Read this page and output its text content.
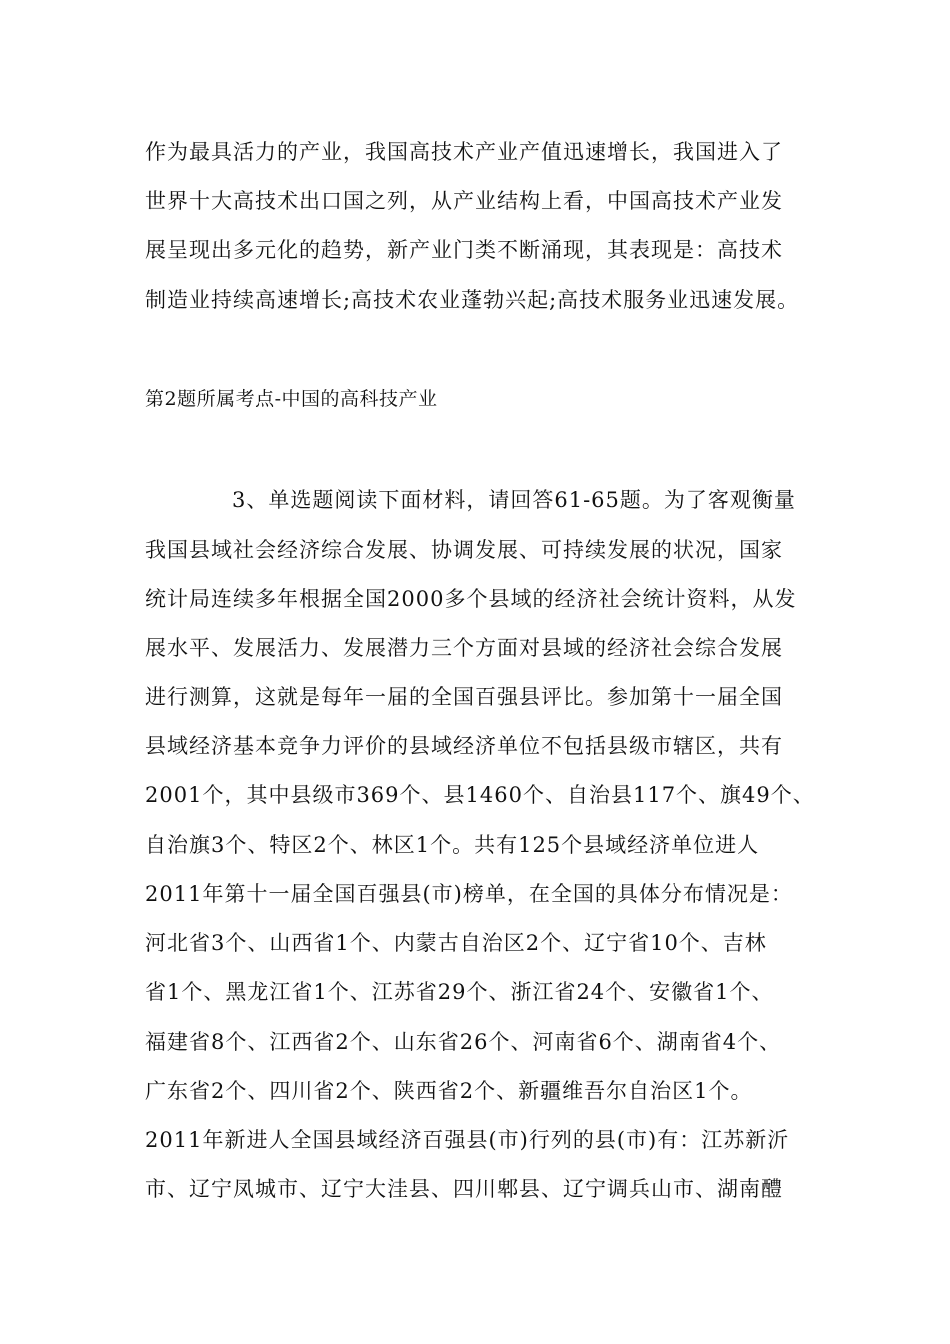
作为最具活力的产业，我国高技术产业产值迅速增长，我国进入了
世界十大高技术出口国之列，从产业结构上看，中国高技术产业发
展呈现出多元化的趋势，新产业门类不断涌现，其表现是：高技术
制造业持续高速增长;高技术农业蓬勃兴起;高技术服务业迅速发展。
第2题所属考点-中国的高科技产业
3、单选题阅读下面材料，请回答61-65题。为了客观衡量
我国县域社会经济综合发展、协调发展、可持续发展的状况，国家
统计局连续多年根据全国2000多个县域的经济社会统计资料，从发
展水平、发展活力、发展潜力三个方面对县域的经济社会综合发展
进行测算，这就是每年一届的全国百强县评比。参加第十一届全国
县域经济基本竞争力评价的县域经济单位不包括县级市辖区，共有
2001个，其中县级市369个、县1460个、自治县117个、旗49个、
自治旗3个、特区2个、林区1个。共有125个县域经济单位进人
2011年第十一届全国百强县(市)榜单，在全国的具体分布情况是：
河北省3个、山西省1个、内蒙古自治区2个、辽宁省10个、吉林
省1个、黑龙江省1个、江苏省29个、浙江省24个、安徽省1个、
福建省8个、江西省2个、山东省26个、河南省6个、湖南省4个、
广东省2个、四川省2个、陕西省2个、新疆维吾尔自治区1个。
2011年新进人全国县域经济百强县(市)行列的县(市)有：江苏新沂
市、辽宁凤城市、辽宁大洼县、四川郫县、辽宁调兵山市、湖南醴
